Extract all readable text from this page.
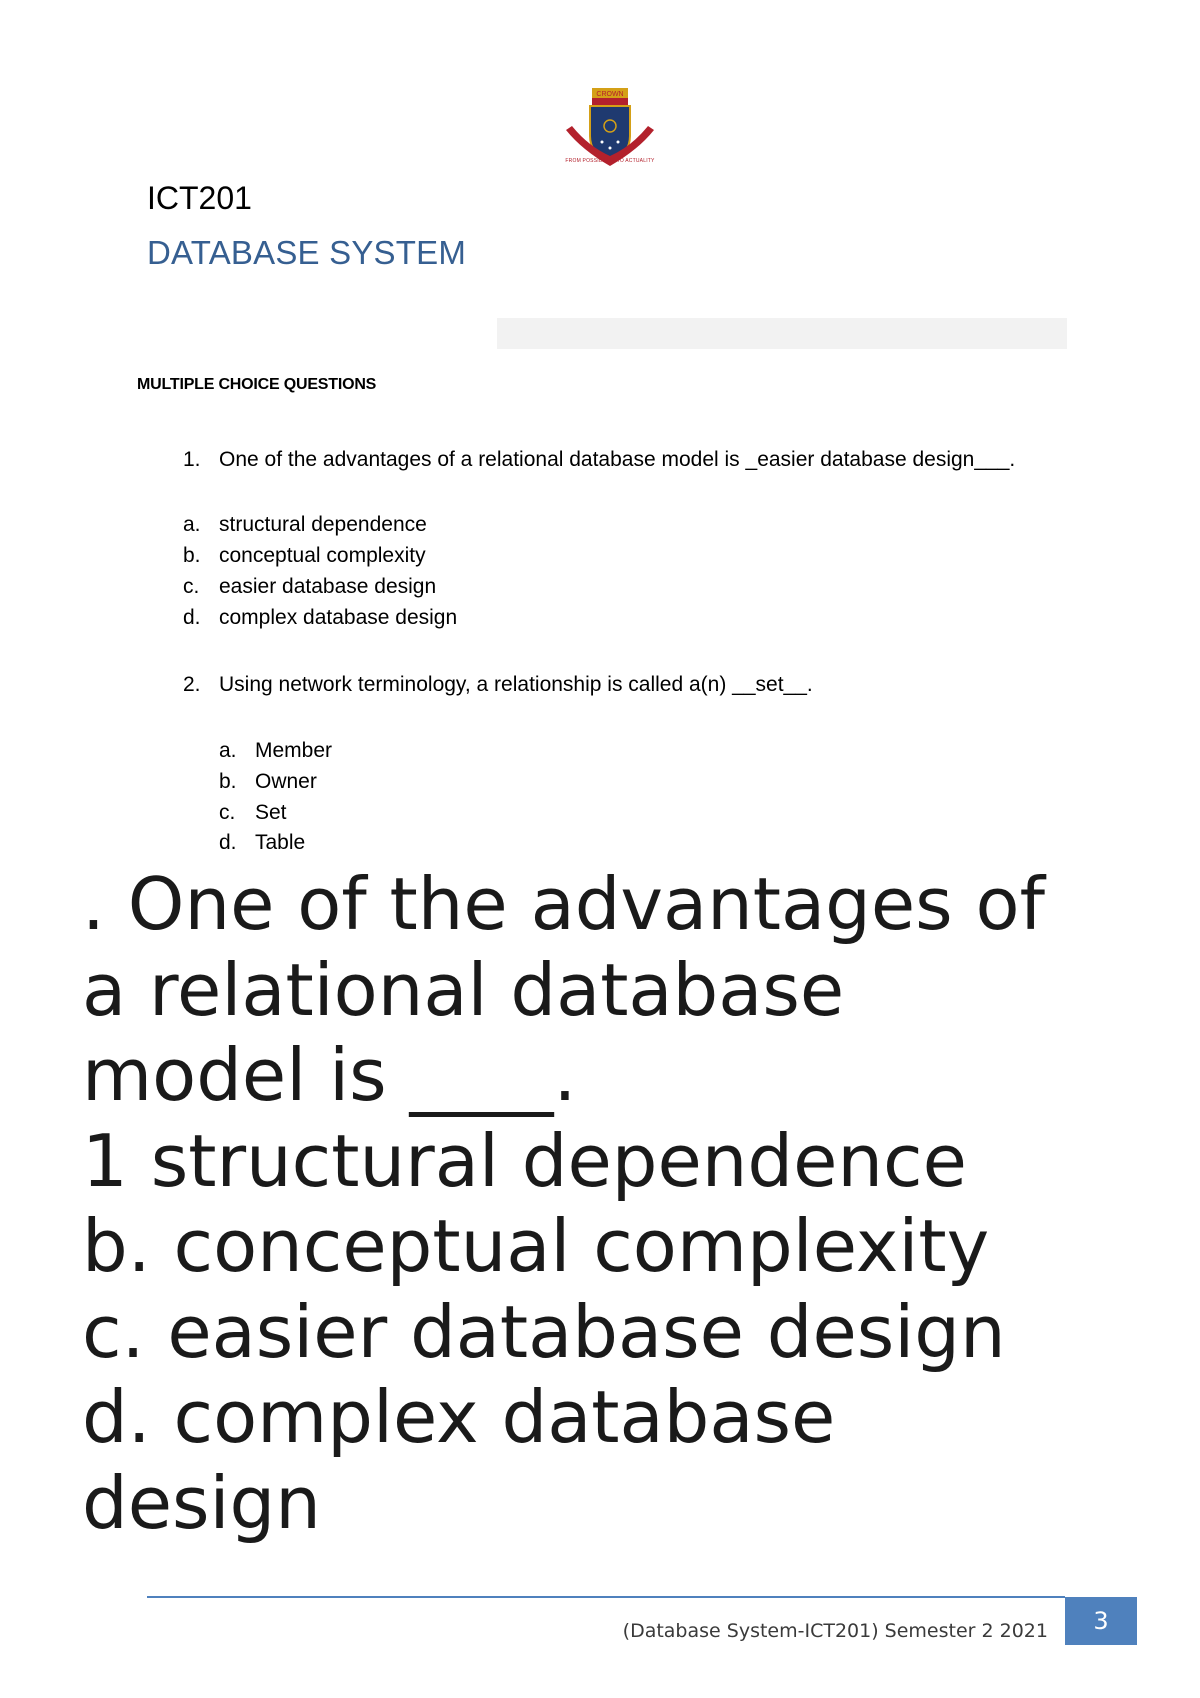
CROWN
FROM POSSIBILITY TO ACTUALITY
ICT201
DATABASE SYSTEM
MULTIPLE CHOICE QUESTIONS
1. One of the advantages of a relational database model is _easier database design___.
a. structural dependence
b. conceptual complexity
c. easier database design
d. complex database design
2. Using network terminology, a relationship is called a(n) __set__.
a. Member
b. Owner
c. Set
d. Table
. One of the advantages of
a relational database
model is ____.
1 structural dependence
b. conceptual complexity
c. easier database design
d. complex database
design
(Database System-ICT201) Semester 2 2021	3
